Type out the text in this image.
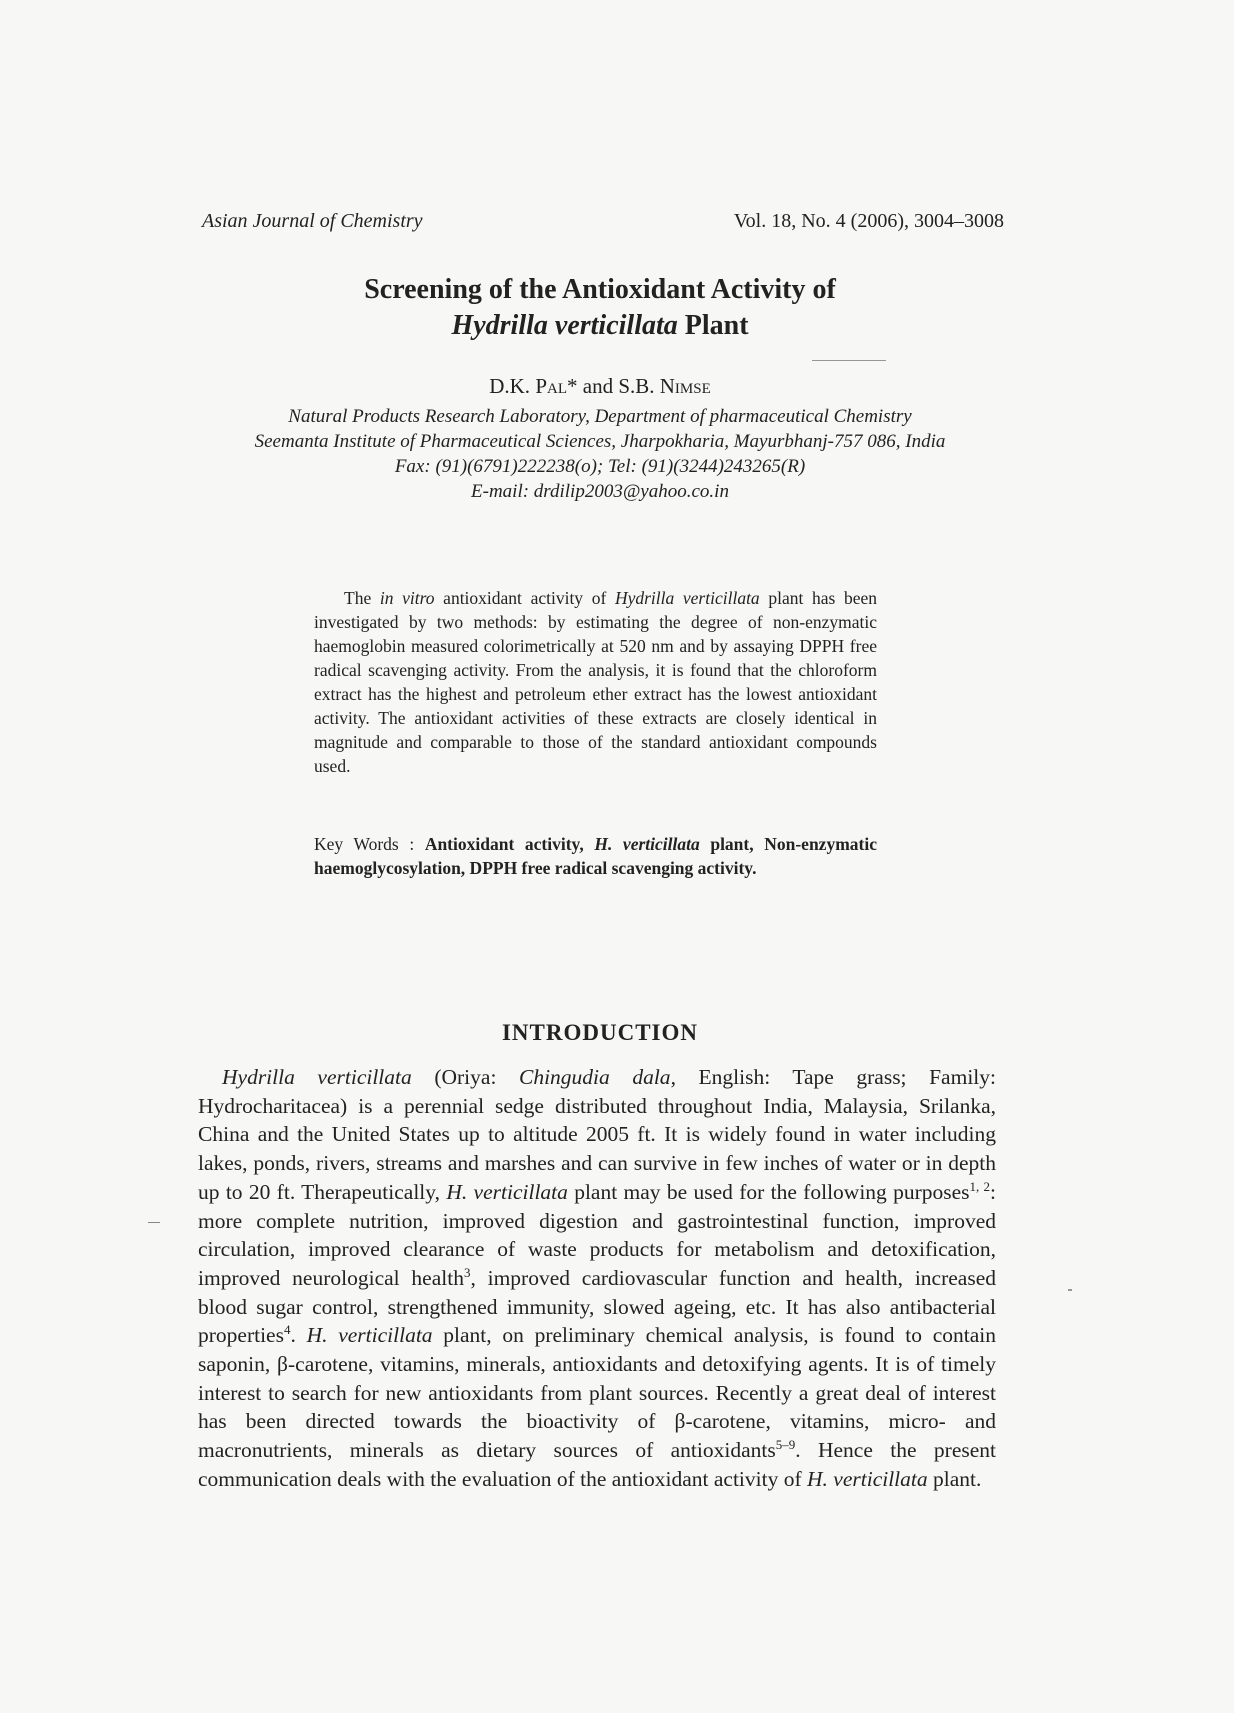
Asian Journal of Chemistry	Vol. 18, No. 4 (2006), 3004–3008
Screening of the Antioxidant Activity of
Hydrilla verticillata Plant
D.K. Pal* and S.B. Nimse
Natural Products Research Laboratory, Department of pharmaceutical Chemistry
Seemanta Institute of Pharmaceutical Sciences, Jharpokharia, Mayurbhanj-757 086, India
Fax: (91)(6791)222238(o); Tel: (91)(3244)243265(R)
E-mail: drdilip2003@yahoo.co.in

The in vitro antioxidant activity of Hydrilla verticillata plant has been investigated by two methods: by estimating the degree of non-enzymatic haemoglobin measured colorimetrically at 520 nm and by assaying DPPH free radical scavenging activity. From the analysis, it is found that the chloroform extract has the highest and petroleum ether extract has the lowest antioxidant activity. The antioxidant activities of these extracts are closely identical in magnitude and comparable to those of the standard antioxidant compounds used.

Key Words : Antioxidant activity, H. verticillata plant, Non-enzymatic haemoglycosylation, DPPH free radical scavenging activity.
INTRODUCTION

Hydrilla verticillata (Oriya: Chingudia dala, English: Tape grass; Family: Hydrocharitacea) is a perennial sedge distributed throughout India, Malaysia, Srilanka, China and the United States up to altitude 2005 ft. It is widely found in water including lakes, ponds, rivers, streams and marshes and can survive in few inches of water or in depth up to 20 ft. Therapeutically, H. verticillata plant may be used for the following purposes$^{1, 2}$: more complete nutrition, improved digestion and gastrointestinal function, improved circulation, improved clearance of waste products for metabolism and detoxification, improved neurological health$^3$, improved cardiovascular function and health, increased blood sugar control, strengthened immunity, slowed ageing, etc. It has also antibacterial properties$^4$. H. verticillata plant, on preliminary chemical analysis, is found to contain saponin, β-carotene, vitamins, minerals, antioxidants and detoxifying agents. It is of timely interest to search for new antioxidants from plant sources. Recently a great deal of interest has been directed towards the bioactivity of β-carotene, vitamins, micro- and macronutrients, minerals as dietary sources of antioxidants$^{5-9}$. Hence the present communication deals with the evaluation of the antioxidant activity of H. verticillata plant.
